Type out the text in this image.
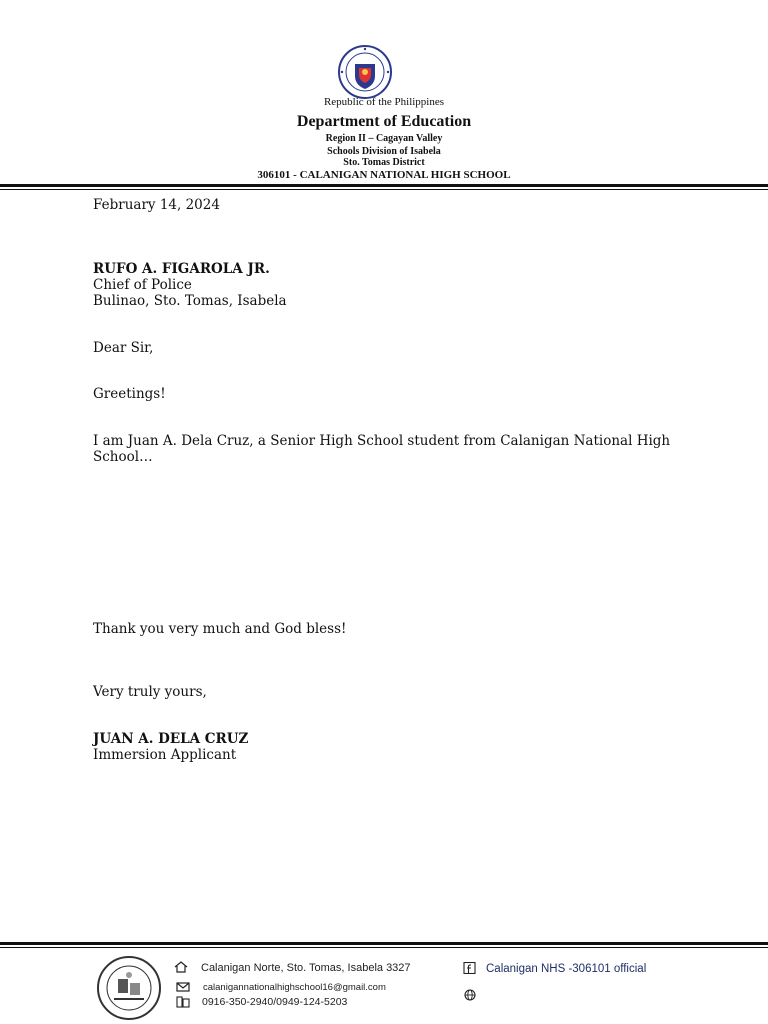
Republic of the Philippines
Department of Education
Region II – Cagayan Valley
Schools Division of Isabela
Sto. Tomas District
306101 - CALANIGAN NATIONAL HIGH SCHOOL
February 14, 2024
RUFO A. FIGAROLA JR.
Chief of Police
Bulinao, Sto. Tomas, Isabela
Dear Sir,
Greetings!
I am Juan A. Dela Cruz, a Senior High School student from Calanigan National High
School…
Thank you very much and God bless!
Very truly yours,
JUAN A. DELA CRUZ
Immersion Applicant
Calanigan Norte, Sto. Tomas, Isabela 3327
calanigannationalhighschool16@gmail.com
0916-350-2940/0949-124-5203
Calanigan NHS -306101 official
